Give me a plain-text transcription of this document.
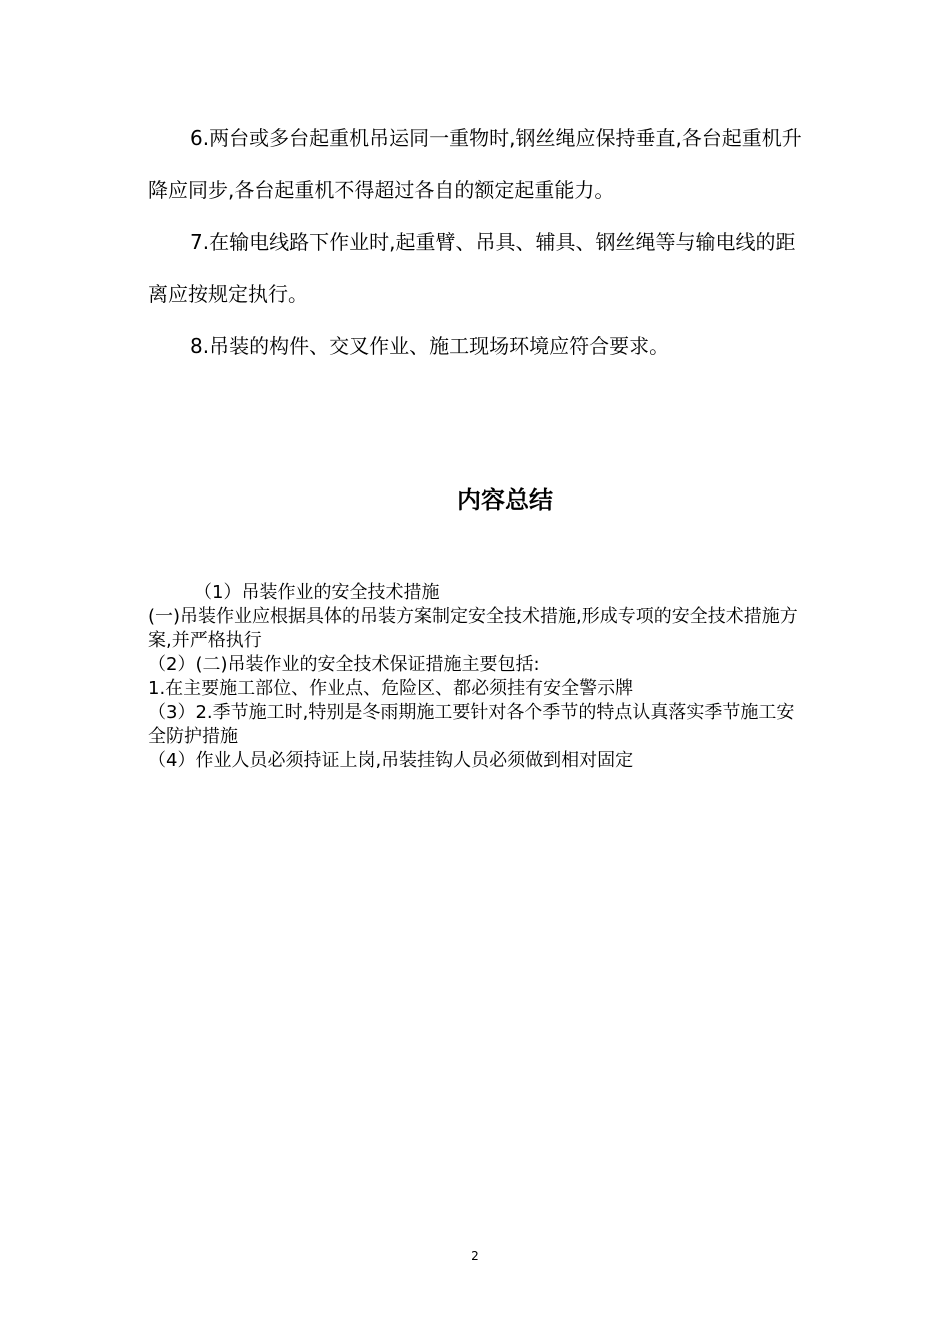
6.两台或多台起重机吊运同一重物时,钢丝绳应保持垂直,各台起重机升降应同步,各台起重机不得超过各自的额定起重能力。

7.在输电线路下作业时,起重臂、吊具、辅具、钢丝绳等与输电线的距离应按规定执行。

8.吊装的构件、交叉作业、施工现场环境应符合要求。

内容总结
（1）吊装作业的安全技术措施
(一)吊装作业应根据具体的吊装方案制定安全技术措施,形成专项的安全技术措施方案,并严格执行
（2）(二)吊装作业的安全技术保证措施主要包括:
1.在主要施工部位、作业点、危险区、都必须挂有安全警示牌
（3）2.季节施工时,特别是冬雨期施工要针对各个季节的特点认真落实季节施工安全防护措施
（4）作业人员必须持证上岗,吊装挂钩人员必须做到相对固定

2
